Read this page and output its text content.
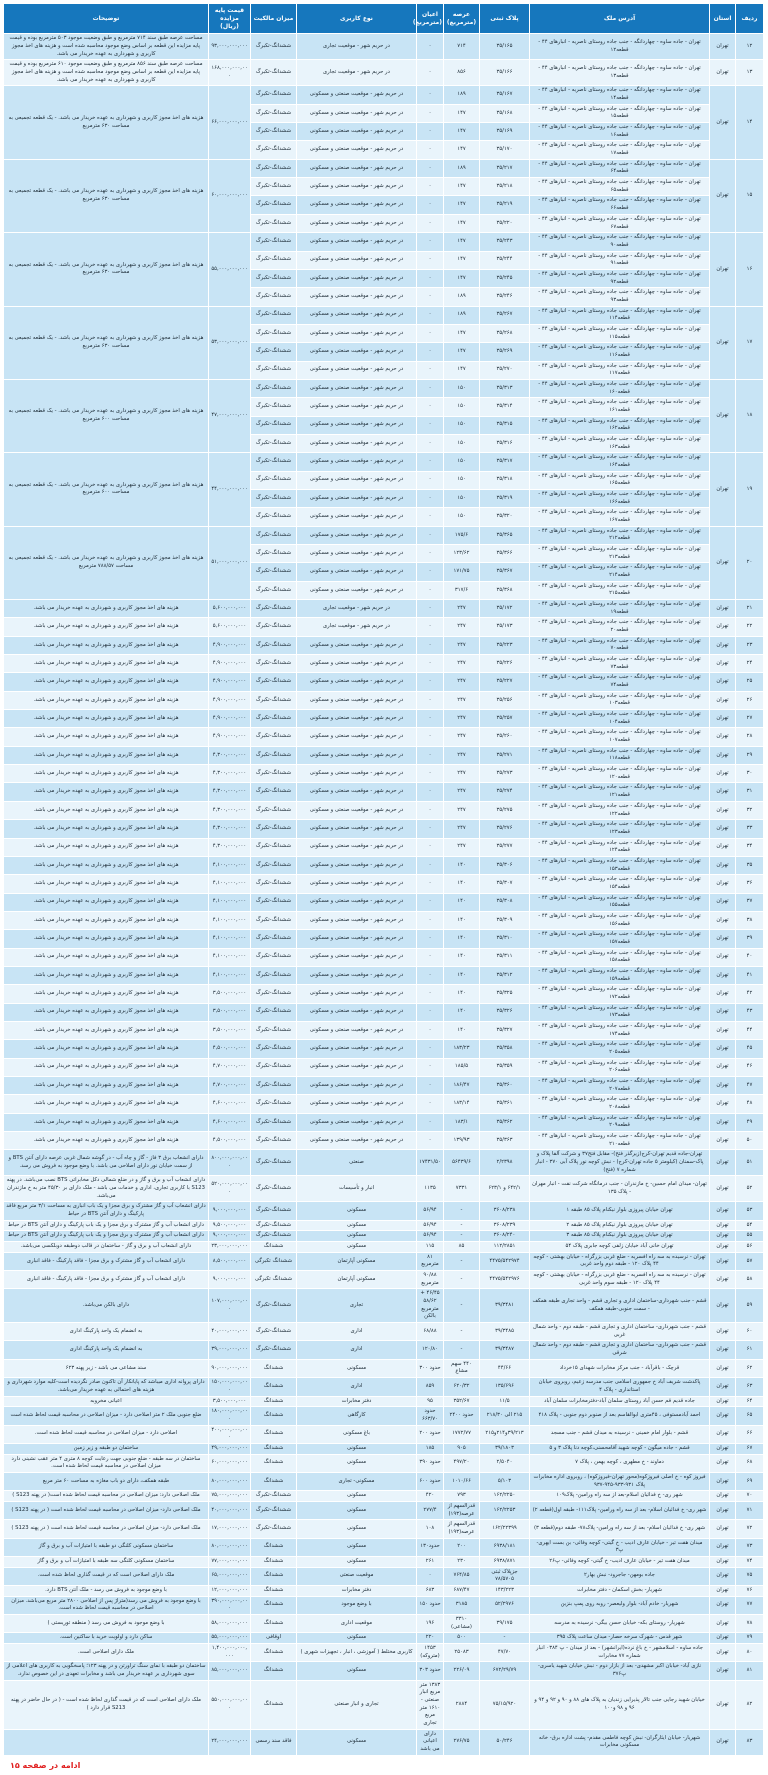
ردیف	استان	آدرس ملک	پلاک ثبتی	عرصه (مترمربع)	اعیان (مترمربع)	نوع کاربری	میزان مالکیت	قیمت پایه مزایده (ریال)	توضیحات
۱۲	تهران	تهران - جاده ساوه - چهاردانگه - جنب جاده روستای ناصریه - انبارهای ۴۴ - قطعه۱۲	۳۵/۱۶۵	۷۱۴	۰	در حریم شهر - موقعیت تجاری	ششدانگ-تکبرگ	۹۳,۰۰۰,۰۰۰,۰۰۰	مساحت عرصه طبق سند ۷۱۴ مترمربع و طبق وضعیت موجود ۵۰۳ مترمربع بوده و قیمت پایه مزایده این قطعه بر اساس وضع موجود محاسبه شده است و هزینه های اخذ مجوز کاربری و شهرداری به عهده خریدار می باشد.
۱۳	تهران	تهران - جاده ساوه - چهاردانگه - جنب جاده روستای ناصریه - انبارهای ۴۴ - قطعه۱۳	۳۵/۱۶۶	۸۵۶	۰	در حریم شهر - موقعیت تجاری	ششدانگ-تکبرگ	۱۶۸,۰۰۰,۰۰۰,۰۰۰	مساحت عرصه طبق سند ۸۵۶ مترمربع و طبق وضعیت موجود ۶۱۰ مترمربع بوده و قیمت پایه مزایده این قطعه بر اساس وضع موجود محاسبه شده است و هزینه های اخذ مجوز کاربری و شهرداری به عهده خریدار می باشد.
۱۴	تهران	تهران - جاده ساوه - چهاردانگه - جنب جاده روستای ناصریه - انبارهای ۴۴ - قطعه۱۴	۳۵/۱۶۷	۱۸۹	۰	در حریم شهر - موقعیت صنعتی و مسکونی	ششدانگ-تکبرگ	۶۶,۰۰۰,۰۰۰,۰۰۰	هزینه های اخذ مجوز کاربری و شهرداری به عهده خریدار می باشد. - یک قطعه تجمیعی به مساحت ۶۳۰ مترمربع
		تهران - جاده ساوه - چهاردانگه - جنب جاده روستای ناصریه - انبارهای ۴۴ - قطعه۱۵	۳۵/۱۶۸	۱۴۷	۰	در حریم شهر - موقعیت صنعتی و مسکونی	ششدانگ-تکبرگ		
		تهران - جاده ساوه - چهاردانگه - جنب جاده روستای ناصریه - انبارهای ۴۴ - قطعه۱۶	۳۵/۱۶۹	۱۴۷	۰	در حریم شهر - موقعیت صنعتی و مسکونی	ششدانگ-تکبرگ		
		تهران - جاده ساوه - چهاردانگه - جنب جاده روستای ناصریه - انبارهای ۴۴ - قطعه۱۷	۳۵/۱۷۰	۱۴۷	۰	در حریم شهر - موقعیت صنعتی و مسکونی	ششدانگ-تکبرگ		
۱۵	تهران	تهران - جاده ساوه - چهاردانگه - جنب جاده روستای ناصریه - انبارهای ۴۴ - قطعه۶۴	۳۵/۲۱۷	۱۸۹	۰	در حریم شهر - موقعیت صنعتی و مسکونی	ششدانگ-تکبرگ	۶۰,۰۰۰,۰۰۰,۰۰۰	هزینه های اخذ مجوز کاربری و شهرداری به عهده خریدار می باشد. - یک قطعه تجمیعی به مساحت ۶۳۰ مترمربع
		تهران - جاده ساوه - چهاردانگه - جنب جاده روستای ناصریه - انبارهای ۴۴ - قطعه۶۵	۳۵/۲۱۸	۱۴۷	۰	در حریم شهر - موقعیت صنعتی و مسکونی	ششدانگ-تکبرگ		
		تهران - جاده ساوه - چهاردانگه - جنب جاده روستای ناصریه - انبارهای ۴۴ - قطعه۶۶	۳۵/۲۱۹	۱۴۷	۰	در حریم شهر - موقعیت صنعتی و مسکونی	ششدانگ-تکبرگ		
		تهران - جاده ساوه - چهاردانگه - جنب جاده روستای ناصریه - انبارهای ۴۴ - قطعه۶۷	۳۵/۲۲۰	۱۴۷	۰	در حریم شهر - موقعیت صنعتی و مسکونی	ششدانگ-تکبرگ		
۱۶	تهران	تهران - جاده ساوه - چهاردانگه - جنب جاده روستای ناصریه - انبارهای ۴۴ - قطعه۹۰	۳۵/۲۴۳	۱۴۷	۰	در حریم شهر - موقعیت صنعتی و مسکونی	ششدانگ-تکبرگ	۵۵,۰۰۰,۰۰۰,۰۰۰	هزینه های اخذ مجوز کاربری و شهرداری به عهده خریدار می باشد. - یک قطعه تجمیعی به مساحت ۶۳۰ مترمربع
		تهران - جاده ساوه - چهاردانگه - جنب جاده روستای ناصریه - انبارهای ۴۴ - قطعه۹۱	۳۵/۲۴۴	۱۴۷	۰	در حریم شهر - موقعیت صنعتی و مسکونی	ششدانگ-تکبرگ		
		تهران - جاده ساوه - چهاردانگه - جنب جاده روستای ناصریه - انبارهای ۴۴ - قطعه۹۲	۳۵/۲۴۵	۱۴۷	۰	در حریم شهر - موقعیت صنعتی و مسکونی	ششدانگ-تکبرگ		
		تهران - جاده ساوه - چهاردانگه - جنب جاده روستای ناصریه - انبارهای ۴۴ - قطعه۹۳	۳۵/۲۴۶	۱۸۹	۰	در حریم شهر - موقعیت صنعتی و مسکونی	ششدانگ-تکبرگ		
۱۷	تهران	تهران - جاده ساوه - چهاردانگه - جنب جاده روستای ناصریه - انبارهای ۴۴ - قطعه۱۱۴	۳۵/۲۶۷	۱۸۹	۰	در حریم شهر - موقعیت صنعتی و مسکونی	ششدانگ-تکبرگ	۵۳,۰۰۰,۰۰۰,۰۰۰	هزینه های اخذ مجوز کاربری و شهرداری به عهده خریدار می باشد. - یک قطعه تجمیعی به مساحت ۶۳۰ مترمربع
		تهران - جاده ساوه - چهاردانگه - جنب جاده روستای ناصریه - انبارهای ۴۴ - قطعه۱۱۵	۳۵/۲۶۸	۱۴۷	۰	در حریم شهر - موقعیت صنعتی و مسکونی	ششدانگ-تکبرگ		
		تهران - جاده ساوه - چهاردانگه - جنب جاده روستای ناصریه - انبارهای ۴۴ - قطعه۱۱۶	۳۵/۲۶۹	۱۴۷	۰	در حریم شهر - موقعیت صنعتی و مسکونی	ششدانگ-تکبرگ		
		تهران - جاده ساوه - چهاردانگه - جنب جاده روستای ناصریه - انبارهای ۴۴ - قطعه۱۱۷	۳۵/۲۷۰	۱۴۷	۰	در حریم شهر - موقعیت صنعتی و مسکونی	ششدانگ-تکبرگ		
۱۸	تهران	تهران - جاده ساوه - چهاردانگه - جنب جاده روستای ناصریه - انبارهای ۴۴ - قطعه۱۶۰	۳۵/۳۱۳	۱۵۰	۰	در حریم شهر - موقعیت صنعتی و مسکونی	ششدانگ-تکبرگ	۴۷,۰۰۰,۰۰۰,۰۰۰	هزینه های اخذ مجوز کاربری و شهرداری به عهده خریدار می باشد. - یک قطعه تجمیعی به مساحت ۶۰۰ مترمربع
		تهران - جاده ساوه - چهاردانگه - جنب جاده روستای ناصریه - انبارهای ۴۴ - قطعه۱۶۱	۳۵/۳۱۴	۱۵۰	۰	در حریم شهر - موقعیت صنعتی و مسکونی	ششدانگ-تکبرگ		
		تهران - جاده ساوه - چهاردانگه - جنب جاده روستای ناصریه - انبارهای ۴۴ - قطعه۱۶۲	۳۵/۳۱۵	۱۵۰	۰	در حریم شهر - موقعیت صنعتی و مسکونی	ششدانگ-تکبرگ		
		تهران - جاده ساوه - چهاردانگه - جنب جاده روستای ناصریه - انبارهای ۴۴ - قطعه۱۶۳	۳۵/۳۱۶	۱۵۰	۰	در حریم شهر - موقعیت صنعتی و مسکونی	ششدانگ-تکبرگ		
۱۹	تهران	تهران - جاده ساوه - چهاردانگه - جنب جاده روستای ناصریه - انبارهای ۴۴ - قطعه۱۶۴	۳۵/۳۱۷	۱۵۰	۰	در حریم شهر - موقعیت صنعتی و مسکونی	ششدانگ-تکبرگ	۴۴,۰۰۰,۰۰۰,۰۰۰	هزینه های اخذ مجوز کاربری و شهرداری به عهده خریدار می باشد. - یک قطعه تجمیعی به مساحت ۶۰۰ مترمربع
		تهران - جاده ساوه - چهاردانگه - جنب جاده روستای ناصریه - انبارهای ۴۴ - قطعه۱۶۵	۳۵/۳۱۸	۱۵۰	۰	در حریم شهر - موقعیت صنعتی و مسکونی	ششدانگ-تکبرگ		
		تهران - جاده ساوه - چهاردانگه - جنب جاده روستای ناصریه - انبارهای ۴۴ - قطعه۱۶۶	۳۵/۳۱۹	۱۵۰	۰	در حریم شهر - موقعیت صنعتی و مسکونی	ششدانگ-تکبرگ		
		تهران - جاده ساوه - چهاردانگه - جنب جاده روستای ناصریه - انبارهای ۴۴ - قطعه۱۶۷	۳۵/۳۲۰	۱۵۰	۰	در حریم شهر - موقعیت صنعتی و مسکونی	ششدانگ-تکبرگ		
۲۰	تهران	تهران - جاده ساوه - چهاردانگه - جنب جاده روستای ناصریه - انبارهای ۴۴ - قطعه۲۱۲	۳۵/۳۶۵	۱۷۵/۶	۰	در حریم شهر - موقعیت صنعتی و مسکونی	ششدانگ-تکبرگ	۵۱,۰۰۰,۰۰۰,۰۰۰	هزینه های اخذ مجوز کاربری و شهرداری به عهده خریدار می باشد. - یک قطعه تجمیعی به مساحت ۷۸۸/۵۷ مترمربع
		تهران - جاده ساوه - چهاردانگه - جنب جاده روستای ناصریه - انبارهای ۴۴ - قطعه۲۱۳	۳۵/۳۶۶	۱۲۳/۶۲	۰	در حریم شهر - موقعیت صنعتی و مسکونی	ششدانگ-تکبرگ		
		تهران - جاده ساوه - چهاردانگه - جنب جاده روستای ناصریه - انبارهای ۴۴ - قطعه۲۱۴	۳۵/۳۶۷	۱۷۱/۷۵	۰	در حریم شهر - موقعیت صنعتی و مسکونی	ششدانگ-تکبرگ		
		تهران - جاده ساوه - چهاردانگه - جنب جاده روستای ناصریه - انبارهای ۴۴ - قطعه۲۱۵	۳۵/۳۶۸	۳۱۷/۶	۰	در حریم شهر - موقعیت صنعتی و مسکونی	ششدانگ-تکبرگ		
۲۱	تهران	تهران - جاده ساوه - چهاردانگه - جنب جاده روستای ناصریه - انبارهای ۴۴ - قطعه۱۹	۳۵/۱۷۲	۲۴۷	۰	در حریم شهر - موقعیت تجاری	ششدانگ-تکبرگ	۵,۶۰۰,۰۰۰,۰۰۰	هزینه های اخذ مجوز کاربری و شهرداری به عهده خریدار می باشد.
۲۲	تهران	تهران - جاده ساوه - چهاردانگه - جنب جاده روستای ناصریه - انبارهای ۴۴ - قطعه۲۰	۳۵/۱۷۳	۲۴۷	۰	در حریم شهر - موقعیت تجاری	ششدانگ-تکبرگ	۵,۶۰۰,۰۰۰,۰۰۰	هزینه های اخذ مجوز کاربری و شهرداری به عهده خریدار می باشد.
۲۳	تهران	تهران - جاده ساوه - چهاردانگه - جنب جاده روستای ناصریه - انبارهای ۴۴ - قطعه۷۰	۳۵/۲۲۳	۲۴۷	۰	در حریم شهر - موقعیت صنعتی و مسکونی	ششدانگ-تکبرگ	۴,۹۰۰,۰۰۰,۰۰۰	هزینه های اخذ مجوز کاربری و شهرداری به عهده خریدار می باشد.
۲۴	تهران	تهران - جاده ساوه - چهاردانگه - جنب جاده روستای ناصریه - انبارهای ۴۴ - قطعه۷۳	۳۵/۲۲۶	۲۴۷	۰	در حریم شهر - موقعیت صنعتی و مسکونی	ششدانگ-تکبرگ	۴,۹۰۰,۰۰۰,۰۰۰	هزینه های اخذ مجوز کاربری و شهرداری به عهده خریدار می باشد.
۲۵	تهران	تهران - جاده ساوه - چهاردانگه - جنب جاده روستای ناصریه - انبارهای ۴۴ - قطعه۷۴	۳۵/۲۲۷	۲۴۷	۰	در حریم شهر - موقعیت صنعتی و مسکونی	ششدانگ-تکبرگ	۴,۹۰۰,۰۰۰,۰۰۰	هزینه های اخذ مجوز کاربری و شهرداری به عهده خریدار می باشد.
۲۶	تهران	تهران - جاده ساوه - چهاردانگه - جنب جاده روستای ناصریه - انبارهای ۴۴ - قطعه۱۰۳	۳۵/۲۵۶	۲۴۷	۰	در حریم شهر - موقعیت صنعتی و مسکونی	ششدانگ-تکبرگ	۴,۹۰۰,۰۰۰,۰۰۰	هزینه های اخذ مجوز کاربری و شهرداری به عهده خریدار می باشد.
۲۷	تهران	تهران - جاده ساوه - چهاردانگه - جنب جاده روستای ناصریه - انبارهای ۴۴ - قطعه۱۰۴	۳۵/۲۵۷	۲۴۷	۰	در حریم شهر - موقعیت صنعتی و مسکونی	ششدانگ-تکبرگ	۴,۹۰۰,۰۰۰,۰۰۰	هزینه های اخذ مجوز کاربری و شهرداری به عهده خریدار می باشد.
۲۸	تهران	تهران - جاده ساوه - چهاردانگه - جنب جاده روستای ناصریه - انبارهای ۴۴ - قطعه۱۰۷	۳۵/۲۶۰	۲۴۷	۰	در حریم شهر - موقعیت صنعتی و مسکونی	ششدانگ-تکبرگ	۴,۹۰۰,۰۰۰,۰۰۰	هزینه های اخذ مجوز کاربری و شهرداری به عهده خریدار می باشد.
۲۹	تهران	تهران - جاده ساوه - چهاردانگه - جنب جاده روستای ناصریه - انبارهای ۴۴ - قطعه۱۱۸	۳۵/۲۷۱	۲۴۷	۰	در حریم شهر - موقعیت صنعتی و مسکونی	ششدانگ-تکبرگ	۴,۳۰۰,۰۰۰,۰۰۰	هزینه های اخذ مجوز کاربری و شهرداری به عهده خریدار می باشد.
۳۰	تهران	تهران - جاده ساوه - چهاردانگه - جنب جاده روستای ناصریه - انبارهای ۴۴ - قطعه۱۲۰	۳۵/۲۷۳	۲۴۷	۰	در حریم شهر - موقعیت صنعتی و مسکونی	ششدانگ-تکبرگ	۴,۳۰۰,۰۰۰,۰۰۰	هزینه های اخذ مجوز کاربری و شهرداری به عهده خریدار می باشد.
۳۱	تهران	تهران - جاده ساوه - چهاردانگه - جنب جاده روستای ناصریه - انبارهای ۴۴ - قطعه۱۲۱	۳۵/۲۷۴	۲۴۷	۰	در حریم شهر - موقعیت صنعتی و مسکونی	ششدانگ-تکبرگ	۴,۳۰۰,۰۰۰,۰۰۰	هزینه های اخذ مجوز کاربری و شهرداری به عهده خریدار می باشد.
۳۲	تهران	تهران - جاده ساوه - چهاردانگه - جنب جاده روستای ناصریه - انبارهای ۴۴ - قطعه۱۲۲	۳۵/۲۷۵	۲۴۷	۰	در حریم شهر - موقعیت صنعتی و مسکونی	ششدانگ-تکبرگ	۴,۳۰۰,۰۰۰,۰۰۰	هزینه های اخذ مجوز کاربری و شهرداری به عهده خریدار می باشد.
۳۳	تهران	تهران - جاده ساوه - چهاردانگه - جنب جاده روستای ناصریه - انبارهای ۴۴ - قطعه۱۲۳	۳۵/۲۷۶	۲۴۷	۰	در حریم شهر - موقعیت صنعتی و مسکونی	ششدانگ-تکبرگ	۴,۳۰۰,۰۰۰,۰۰۰	هزینه های اخذ مجوز کاربری و شهرداری به عهده خریدار می باشد.
۳۴	تهران	تهران - جاده ساوه - چهاردانگه - جنب جاده روستای ناصریه - انبارهای ۴۴ - قطعه۱۲۴	۳۵/۲۷۷	۲۴۷	۰	در حریم شهر - موقعیت صنعتی و مسکونی	ششدانگ-تکبرگ	۴,۳۰۰,۰۰۰,۰۰۰	هزینه های اخذ مجوز کاربری و شهرداری به عهده خریدار می باشد.
۳۵	تهران	تهران - جاده ساوه - چهاردانگه - جنب جاده روستای ناصریه - انبارهای ۴۴ - قطعه۱۵۳	۳۵/۳۰۶	۱۴۰	۰	در حریم شهر - موقعیت صنعتی و مسکونی	ششدانگ-تکبرگ	۴,۱۰۰,۰۰۰,۰۰۰	هزینه های اخذ مجوز کاربری و شهرداری به عهده خریدار می باشد.
۳۶	تهران	تهران - جاده ساوه - چهاردانگه - جنب جاده روستای ناصریه - انبارهای ۴۴ - قطعه۱۵۴	۳۵/۳۰۷	۱۴۰	۰	در حریم شهر - موقعیت صنعتی و مسکونی	ششدانگ-تکبرگ	۴,۱۰۰,۰۰۰,۰۰۰	هزینه های اخذ مجوز کاربری و شهرداری به عهده خریدار می باشد.
۳۷	تهران	تهران - جاده ساوه - چهاردانگه - جنب جاده روستای ناصریه - انبارهای ۴۴ - قطعه۱۵۵	۳۵/۳۰۸	۱۴۰	۰	در حریم شهر - موقعیت صنعتی و مسکونی	ششدانگ-تکبرگ	۴,۱۰۰,۰۰۰,۰۰۰	هزینه های اخذ مجوز کاربری و شهرداری به عهده خریدار می باشد.
۳۸	تهران	تهران - جاده ساوه - چهاردانگه - جنب جاده روستای ناصریه - انبارهای ۴۴ - قطعه۱۵۶	۳۵/۳۰۹	۱۴۰	۰	در حریم شهر - موقعیت صنعتی و مسکونی	ششدانگ-تکبرگ	۴,۱۰۰,۰۰۰,۰۰۰	هزینه های اخذ مجوز کاربری و شهرداری به عهده خریدار می باشد.
۳۹	تهران	تهران - جاده ساوه - چهاردانگه - جنب جاده روستای ناصریه - انبارهای ۴۴ - قطعه۱۵۷	۳۵/۳۱۰	۱۴۰	۰	در حریم شهر - موقعیت صنعتی و مسکونی	ششدانگ-تکبرگ	۴,۱۰۰,۰۰۰,۰۰۰	هزینه های اخذ مجوز کاربری و شهرداری به عهده خریدار می باشد.
۴۰	تهران	تهران - جاده ساوه - چهاردانگه - جنب جاده روستای ناصریه - انبارهای ۴۴ - قطعه۱۵۸	۳۵/۳۱۱	۱۴۰	۰	در حریم شهر - موقعیت صنعتی و مسکونی	ششدانگ-تکبرگ	۴,۱۰۰,۰۰۰,۰۰۰	هزینه های اخذ مجوز کاربری و شهرداری به عهده خریدار می باشد.
۴۱	تهران	تهران - جاده ساوه - چهاردانگه - جنب جاده روستای ناصریه - انبارهای ۴۴ - قطعه۱۵۹	۳۵/۳۱۲	۱۴۰	۰	در حریم شهر - موقعیت صنعتی و مسکونی	ششدانگ-تکبرگ	۴,۱۰۰,۰۰۰,۰۰۰	هزینه های اخذ مجوز کاربری و شهرداری به عهده خریدار می باشد.
۴۲	تهران	تهران - جاده ساوه - چهاردانگه - جنب جاده روستای ناصریه - انبارهای ۴۴ - قطعه۱۷۲	۳۵/۳۲۵	۱۴۰	۰	در حریم شهر - موقعیت صنعتی و مسکونی	ششدانگ-تکبرگ	۳,۵۰۰,۰۰۰,۰۰۰	هزینه های اخذ مجوز کاربری و شهرداری به عهده خریدار می باشد.
۴۳	تهران	تهران - جاده ساوه - چهاردانگه - جنب جاده روستای ناصریه - انبارهای ۴۴ - قطعه۱۷۳	۳۵/۳۲۶	۱۴۰	۰	در حریم شهر - موقعیت صنعتی و مسکونی	ششدانگ-تکبرگ	۳,۵۰۰,۰۰۰,۰۰۰	هزینه های اخذ مجوز کاربری و شهرداری به عهده خریدار می باشد.
۴۴	تهران	تهران - جاده ساوه - چهاردانگه - جنب جاده روستای ناصریه - انبارهای ۴۴ - قطعه۱۷۴	۳۵/۳۲۷	۱۴۰	۰	در حریم شهر - موقعیت صنعتی و مسکونی	ششدانگ-تکبرگ	۳,۵۰۰,۰۰۰,۰۰۰	هزینه های اخذ مجوز کاربری و شهرداری به عهده خریدار می باشد.
۴۵	تهران	تهران - جاده ساوه - چهاردانگه - جنب جاده روستای ناصریه - انبارهای ۴۴ - قطعه۲۰۵	۳۵/۳۵۸	۱۸۳/۲۳	۰	در حریم شهر - موقعیت صنعتی و مسکونی	ششدانگ-تکبرگ	۴,۵۰۰,۰۰۰,۰۰۰	هزینه های اخذ مجوز کاربری و شهرداری به عهده خریدار می باشد.
۴۶	تهران	تهران - جاده ساوه - چهاردانگه - جنب جاده روستای ناصریه - انبارهای ۴۴ - قطعه۲۰۶	۳۵/۳۵۹	۱۸۵/۵	۰	در حریم شهر - موقعیت صنعتی و مسکونی	ششدانگ-تکبرگ	۴,۷۰۰,۰۰۰,۰۰۰	هزینه های اخذ مجوز کاربری و شهرداری به عهده خریدار می باشد.
۴۷	تهران	تهران - جاده ساوه - چهاردانگه - جنب جاده روستای ناصریه - انبارهای ۴۴ - قطعه۲۰۷	۳۵/۳۶۰	۱۸۶/۴۷	۰	در حریم شهر - موقعیت صنعتی و مسکونی	ششدانگ-تکبرگ	۴,۷۰۰,۰۰۰,۰۰۰	هزینه های اخذ مجوز کاربری و شهرداری به عهده خریدار می باشد.
۴۸	تهران	تهران - جاده ساوه - چهاردانگه - جنب جاده روستای ناصریه - انبارهای ۴۴ - قطعه۲۰۸	۳۵/۳۶۱	۱۸۳/۱۴	۰	در حریم شهر - موقعیت صنعتی و مسکونی	ششدانگ-تکبرگ	۴,۶۰۰,۰۰۰,۰۰۰	هزینه های اخذ مجوز کاربری و شهرداری به عهده خریدار می باشد.
۴۹	تهران	تهران - جاده ساوه - چهاردانگه - جنب جاده روستای ناصریه - انبارهای ۴۴ - قطعه۲۰۹	۳۵/۳۶۲	۱۸۳/۱	۰	در حریم شهر - موقعیت صنعتی و مسکونی	ششدانگ-تکبرگ	۴,۶۰۰,۰۰۰,۰۰۰	هزینه های اخذ مجوز کاربری و شهرداری به عهده خریدار می باشد.
۵۰	تهران	تهران - جاده ساوه - چهاردانگه - جنب جاده روستای ناصریه - انبارهای ۴۴ - قطعه۲۱۰	۳۵/۳۶۳	۱۳۹/۹۳	۰	در حریم شهر - موقعیت صنعتی و مسکونی	ششدانگ-تکبرگ	۴,۵۰۰,۰۰۰,۰۰۰	هزینه های اخذ مجوز کاربری و شهرداری به عهده خریدار می باشد.
۵۱	تهران	تهران-جاده قدیم تهران-کرج(زیرگذر فتح)- مقابل فتح۳۷ و شرکت آلفا پلاک و پاک-سمنان (کیلومتر ۵ جاده تهران-کرج) - نبش کوچه نور پلاک آبی ۳۷۰ - انبار شماره ۷ (فتح)	۲/۲۳۹۸	۵۶۴۳۹/۶	۱۷۴۳۱/۵۰	صنعتی	ششدانگ-تکبرگ	۸۰۰,۰۰۰,۰۰۰,۰۰۰	دارای انشعاب برق ۳ فاز - گاز و چاه آب - در گوشه شمال غربی عرصه دارای آنتن BTS و از سمت خیابان نور دارای اصلاحی می باشد. با وضع موجود به فروش می رسد.
۵۲	تهران	تهران- میدان امام حسین- خ مازندران - جنب درمانگاه شرکت نفت - انبار مهران - پلاک ۱۳۵	۶۴۲/۱ و ۶۲۳/۱	۷۳۳۱	۱۱۳۵	انبار و تأسیسات	ششدانگ-تکبرگ	۵۲۰,۰۰۰,۰۰۰,۰۰۰	دارای انشعاب آب و برق و گاز و در ضلع شمالی دکل مخابراتی BTS نصب می‌باشد. در پهنه S123 با کاربری تجاری، اداری و خدمات می باشد - ملک دارای بر ۴۵/۳۰ متر به خ مازندران می‌باشد.
۵۳	تهران	تهران خیابان پیروزی بلوار نیکنام پلاک ۸۵ طبقه ۱	۳۶۰۸/۲۳۸	-	۵۶/۹۴	مسکونی	ششدانگ-تکبرگ	۹,۰۰۰,۰۰۰,۰۰۰	دارای انشعاب آب و گاز مشترک و برق مجزا و یک باب انباری به مساحت ۳/۱ متر مربع فاقد پارکینگ و دارای آنتن BTS در حیاط
۵۴	تهران	تهران خیابان پیروزی بلوار نیکنام پلاک ۸۵ طبقه ۲	۳۶۰۸/۲۳۹	-	۵۶/۹۴	مسکونی	ششدانگ-تکبرگ	۹,۵۰۰,۰۰۰,۰۰۰	دارای انشعاب آب و گاز مشترک و برق مجزا و یک باب پارکینگ و دارای آنتن BTS در حیاط
۵۵	تهران	تهران خیابان پیروزی بلوار نیکنام پلاک ۸۵ طبقه ۳	۳۶۰۸/۲۴۰	-	۵۶/۹۴	مسکونی	ششدانگ-تکبرگ	۹,۰۰۰,۰۰۰,۰۰۰	دارای انشعاب آب و گاز مشترک و برق مجزا و یک باب پارکینگ و دارای آنتن BTS در حیاط
۵۶	تهران	تهران خانی آباد خیابان زلفی کوچه جابری پلاک ۵۴	۱۱۲/۲۸۵۱	۸۵	۱۱۵	مسکونی	ششدانگ	۲۳,۰۰۰,۰۰۰,۰۰۰	دارای انشعاب آب و برق و گاز - ساختمان در قالب دوطبقه دوبلکسی می‌باشد.
۵۷	تهران	تهران - نرسیده به سه راه افسریه - ضلع غربی بزرگراه - خیابان بهشتی - کوچه ۴۴ پلاک ۱۲۰ - طبقه دوم واحد غربی	۴۴۷۵/۵۴۲۹۷۴	-	۸۱ مترمربع	مسکونی آپارتمان	ششدانگ تکبرگی	۸,۵۰۰,۰۰۰,۰۰۰	دارای انشعاب آب و گاز مشترک و برق مجزا - فاقد پارکینگ - فاقد انباری
۵۸	تهران	تهران - نرسیده به سه راه افسریه - ضلع غربی بزرگراه - خیابان بهشتی - کوچه ۴۴ پلاک ۱۲۰ - طبقه سوم واحد غربی	۴۴۷۵/۵۴۲۹۷۶	-	۹۰/۸۸ مترمربع	مسکونی آپارتمان	ششدانگ تکبرگی	۹,۰۰۰,۰۰۰,۰۰۰	دارای انشعاب آب و گاز مشترک و برق مجزا - فاقد پارکینگ - فاقد انباری
۵۹	تهران	قشم - جنب شهرداری-ساختمان اداری و تجاری قشم - واحد تجاری طبقه همکف - سمت جنوبی-طبقه همکف	۳۹/۳۴۸۱	-	۴۶/۴۵ + ۵۸/۶۲ مترمربع بالکن	تجاری	ششدانگ-تکبرگ	۱۰۷,۰۰۰,۰۰۰,۰۰۰	دارای بالکن می‌باشد.
۶۰	تهران	قشم - جنب شهرداری- ساختمان اداری و تجاری قشم - طبقه دوم - واحد شمال غربی	۳۹/۳۴۸۵	-	۶۸/۸۸	اداری	ششدانگ-تکبرگ	۴۰,۰۰۰,۰۰۰,۰۰۰	به انضمام یک واحد پارکینگ اداری
۶۱	تهران	قشم - جنب شهرداری- ساختمان اداری و تجاری قشم - طبقه دوم - واحد شمال شرقی	۳۹/۳۴۸۷	-	۱۲۰/۸۰	اداری	ششدانگ-تکبرگ	۳۹,۰۰۰,۰۰۰,۰۰۰	به انضمام یک واحد پارکینگ اداری
۶۲	تهران	قرچک - باقرآباد - جنب مرکز مخابرات شهدای ۱۵خرداد	۴۴/۶۶	۴۴۰ سهم مشاع	حدود ۳۰۰	مسکونی	ششدانگ	۹۰,۰۰۰,۰۰۰,۰۰۰	سند مشاعی می باشد - زیر پهنه ۶۲۳
۶۳	تهران	پاکدشت شریف آباد خ جمهوری اسلامی جنب مدرسه زعیم، روبروی خیابان استانداری - پلاک ۴	۱۳۵/۶۹۶	۶۲۰/۳۲	۸۵۹	اداری	ششدانگ	۱۵۰,۰۰۰,۰۰۰,۰۰۰	دارای پروانه اداری میباشد که پایانکار آن تاکنون صادر نگردیده است-کلیه موارد شهرداری و هزینه های احتمالی به عهده خریدار می‌باشد.
۶۴	تهران	جاده قدیم قم حسن آباد روستای سلمان آباد-دفترمخابرات سلمان آباد	۱۱/۵	۳۵۲/۶۷	۹۵	دفتر مخابرات	ششدانگ	۳,۵۰۰,۰۰۰,۰۰۰	اعیانی مخروبه
۶۵	تهران	احمد آبادمستوفی ، ۴۵متری ابوالقاسم بعد از صنوبر دوم جنوبی - پلاک ۴۱۸	۲۱۵ الی ۲۱۸/۳۰	حدود ۲۴۰۰	حدود ۶۶۳/۷۰	کارگاهی	ششدانگ	۱۸۰,۰۰۰,۰۰۰,۰۰۰	ضلع جنوبی ملک ۲ متر اصلاحی دارد - میزان اصلاحی در محاسبه قیمت لحاظ شده است
۶۶	تهران	قشم - بلوار امام خمینی - نرسیده به میدان قشم - جنب مسجد	۳۹/۲۱۳و۲۱۴و۲۱۵	۱۷۷۲/۷۷	حدود ۲۰۰	باغ مسکونی	ششدانگ	۴۰۰,۰۰۰,۰۰۰,۰۰۰	اصلاحی دارد - میزان اصلاحی در محاسبه قیمت لحاظ شده است.
۶۷	تهران	قشم - جاده میگون - کوچه شهید آقامحسنی،کوچه دنا پلاک ۳ و ۵	۳۹/۱۸۰۳	۹۰۵	۱۸۵	مسکونی	ششدانگ	۴۹,۰۰۰,۰۰۰,۰۰۰	ساختمان دو طبقه و زیر زمین
۶۸	تهران	دماوند - خ مطهری ، کوچه بهمن ، پلاک ۷	۲/۵۰۴۰	۴۹۷/۲۰	حدود ۳۹۰	مسکونی	ششدانگ	۶۰,۰۰۰,۰۰۰,۰۰۰	ساختمان در سه طبقه - ضلع جنوبی جهت رعایت کوچه ۸ متری ۴ متر عقب نشینی دارد میزان اصلاحی در محاسبه قیمت لحاظ شده است.
۶۹	تهران	فیروز کوه - خ اصلی فیروزکوه(محور تهران-فیروزکوه) ، روبروی اداره مخابرات پلاک ۹۳۱-۹۳۳-۹۴۵-۹۳۷	۵/۱۰۳	۱۰۱۰/۶۶	حدود ۶۰۰	مسکونی- تجاری	ششدانگ	۸۰,۰۰۰,۰۰۰,۰۰۰	طبقه همکف، دارای دو باب مغازه به مساحت ۶۰ متر مربع
۷۰	تهران	شهر ری- خ فدائیان اسلام-بعد از سه راه ورامین- پلاک۱۰۹	۱۶۲/۲۲۵۰	۷۹۳	۴۲۰	مسکونی	ششدانگ-تکبرگ	۷۵,۰۰۰,۰۰۰,۰۰۰	ملک اصلاحی دارد: میزان اصلاحی در محاسبه قیمت لحاظ شده است( در پهنه S123 )
۷۱	تهران	شهر ری- خ فدائیان اسلام- بعد از سه راه ورامین- پلاک۱۱۱- طبقه اول(قطعه ۲)	۱۶۲/۲۲۵۳	قدرالسهم از عرصه(۱۹۳)	۲۷۷/۴	مسکونی	ششدانگ-تکبرگ	۴۰,۰۰۰,۰۰۰,۰۰۰	ملک اصلاحی دارد- میزان اصلاحی در محاسبه قیمت لحاظ شده است ( در پهنه S123 )
۷۲	تهران	شهر ری- خ فدائیان اسلام- بعد از سه راه ورامین- پلاک۷۸- طبقه دوم(قطعه ۳)	۱۶۲/۲۲۳۹۹	قدرالسهم از عرصه(۱۹۳)	۱۰۸	مسکونی	ششدانگ-تکبرگ	۱۷,۰۰۰,۰۰۰,۰۰۰	ملک اصلاحی دارد- میزان اصلاحی در محاسبه قیمت لحاظ شده است ( در پهنه S123 )
۷۳	تهران	میدان هفت تیر - خیابان عارف ادیب - خ گیتی- کوچه وفائی- بن بست ایهری- پ۳	۶۹۳۸/۱۸۱	۲۰۰	حدود۱۳۰	مسکونی	ششدانگ	۸۰,۰۰۰,۰۰۰,۰۰۰	ساختمان مسکونی کلنگی دو طبقه با امتیازات آب و برق و گاز
۷۴	تهران	میدان هفت تیر - خیابان عارف ادیب- خ گیتی- کوچه وفائی- پ۲۶	۶۹۳۸/۸۷۱	۲۳۰	۲۶۱	مسکونی	ششدانگ	۷۷,۰۰۰,۰۰۰,۰۰۰	ساختمان مسکونی کلنگی سه طبقه با امتیازات آب و برق و گاز
۷۵	تهران	جاده بومهن- جاجرود- نبش بهار۲	جزپلاک ثبتی ۷۸/۵۷۰۵	۷۶۴/۸۵	۰	موقعیت صنعتی	ششدانگ	۶۵,۰۰۰,۰۰۰,۰۰۰	ملک دارای اصلاحی است که در قیمت گذاری لحاظ شده است.
۷۶	تهران	شهریار- بخش اسکمان - دفتر مخابرات	۱۴۳/۲۲۳	۶۸۷/۴۷	۶۸۳	دفتر مخابرات	ششدانگ	۱۲,۰۰۰,۰۰۰,۰۰۰	با وضع موجود به فروش می رسد - ملک آنتن BTS دارد.
۷۷	تهران	شهریار- خادم آباد- بلوار ولیعصر- روبه روی پمپ بنزین	۵۲/۲۹۷۶	۳۱۸۵	حدود ۱۵۰	با وضع موجود	ششدانگ	۳۹۰,۰۰۰,۰۰۰,۰۰۰	با وضع موجود به فروش می رسد(متراژ پس از اصلاحی ۲۸۰۰ متر مربع می‌باشد. میزان اصلاحی در محاسبه قیمت لحاظ شده است.
۷۸	تهران	شهریار- روستای بکه- خیابان حسن بیگی- نرسیده به مدرسه	۳۹/۱۷۵	۳۳۱۰ (مشاعی)	۱۹۶	موقعیت اداری	ششدانگ	۵۸,۰۰۰,۰۰۰,۰۰۰	با وضع موجود به فروش می رسد ( منطقه توریستی )
۷۹	تهران	شهر قدس - شهرک سرخه حصار- میدان ساعت پلاک ۳۹۵	-	۵۰۰	۲۲۰	مسکونی	اوقافی	۵۵,۰۰۰,۰۰۰,۰۰۰	ساکن دارد و اولویت خرید با ساکنین است.
۸۰	تهران	جاده ساوه - اسلامشهر - خ باغ نرده(ایرانشهر) - بعد از میدان - پ ۰۳۸۴ انبار شماره ۷۷ مخابرات	۴۷/۷۰	۲۵۰۸۳	۱۴۵۳ (متروکه)	کاربری مختلط ( آموزشی ، انبار ، تجهیزات شهری )	ششدانگ	۱,۴۰۰,۰۰۰,۰۰۰,۰۰۰	ملک دارای اصلاحی است.
۸۱	تهران	نازی آباد- خیابان اکبر مشهدی- بعد از بازار دوم - نبش خیابان شهید یاسری-پ۳۷۶	۶۷۲/۲۹/۷۹	۲۲۶/۰۹	حدود ۳۰۳	مسکونی	ششدانگ	۸۵,۰۰۰,۰۰۰,۰۰۰	ساختمان دو طبقه با نمای سنگ تراورتن و در پهنه ۱۲۳؛ پاسخگویی به کاربری های اعلامی از سوی شهرداری بر عهده خریدار می باشد و مخابرات تعهدی در این خصوص ندارد.
۸۲	تهران	خیابان شهید رجایی جنب تالار پذیرایی زندیان به پلاک های ۸۸ و ۹۰ و ۹۲ و ۹۴ و ۹۶ و ۹۸ و۱۰۰	۷۵/۱۵/۹۲۰	۲۸۸۴	۱۳۸۳ متر مربع انبار صنعتی - ۱۶۱۰ متر مربع تجاری	تجاری و انبار صنعتی	ششدانگ	۵۵۰,۰۰۰,۰۰۰,۰۰۰	ملک دارای اصلاحی است که در قیمت گذاری لحاظ شده است - ( در حال حاضر در پهنه S213 قرار دارد )
۸۳	تهران	شهریار- خیابان ایثارگران- نبش کوچه فاطمی مقدم- پشت اداره برق- خانه مسکونی مخابرات	۵۰/۲۴۶	۲۷۶/۷۵	دارای اعیانی می باشد	مسکونی	فاقد سند رسمی	۲۴,۰۰۰,۰۰۰,۰۰۰	
ادامه در صفحه ۱۵
